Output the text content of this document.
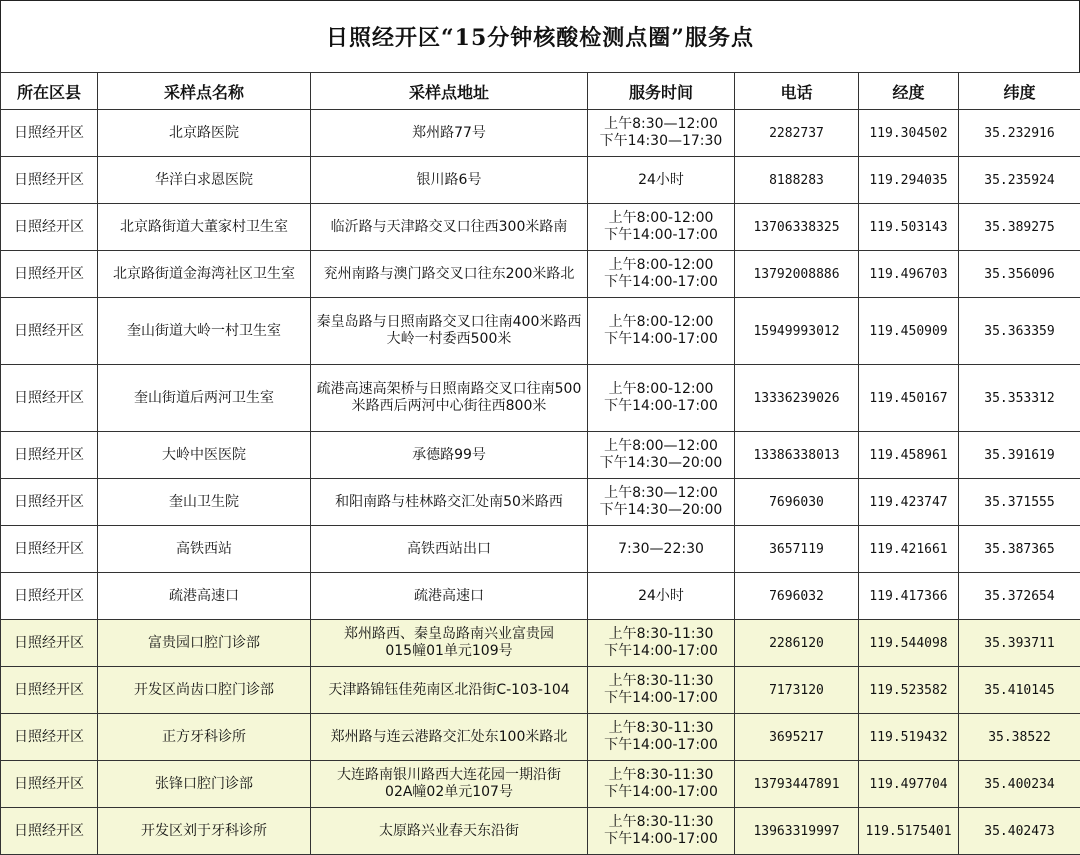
日照经开区“15分钟核酸检测点圈”服务点
所在区县	采样点名称	采样点地址	服务时间	电话	经度	纬度
日照经开区	北京路医院	郑州路77号	上午8:30—12:00
下午14:30—17:30	2282737	119.304502	35.232916
日照经开区	华洋白求恩医院	银川路6号	24小时	8188283	119.294035	35.235924
日照经开区	北京路街道大董家村卫生室	临沂路与天津路交叉口往西300米路南	上午8:00-12:00
下午14:00-17:00	13706338325	119.503143	35.389275
日照经开区	北京路街道金海湾社区卫生室	兖州南路与澳门路交叉口往东200米路北	上午8:00-12:00
下午14:00-17:00	13792008886	119.496703	35.356096
日照经开区	奎山街道大岭一村卫生室	秦皇岛路与日照南路交叉口往南400米路西
大岭一村委西500米	上午8:00-12:00
下午14:00-17:00	15949993012	119.450909	35.363359
日照经开区	奎山街道后两河卫生室	疏港高速高架桥与日照南路交叉口往南500
米路西后两河中心街往西800米	上午8:00-12:00
下午14:00-17:00	13336239026	119.450167	35.353312
日照经开区	大岭中医医院	承德路99号	上午8:00—12:00
下午14:30—20:00	13386338013	119.458961	35.391619
日照经开区	奎山卫生院	和阳南路与桂林路交汇处南50米路西	上午8:30—12:00
下午14:30—20:00	7696030	119.423747	35.371555
日照经开区	高铁西站	高铁西站出口	7:30—22:30	3657119	119.421661	35.387365
日照经开区	疏港高速口	疏港高速口	24小时	7696032	119.417366	35.372654
日照经开区	富贵园口腔门诊部	郑州路西、秦皇岛路南兴业富贵园
015幢01单元109号	上午8:30-11:30
下午14:00-17:00	2286120	119.544098	35.393711
日照经开区	开发区尚齿口腔门诊部	天津路锦钰佳苑南区北沿街C-103-104	上午8:30-11:30
下午14:00-17:00	7173120	119.523582	35.410145
日照经开区	正方牙科诊所	郑州路与连云港路交汇处东100米路北	上午8:30-11:30
下午14:00-17:00	3695217	119.519432	35.38522
日照经开区	张锋口腔门诊部	大连路南银川路西大连花园一期沿街
02A幢02单元107号	上午8:30-11:30
下午14:00-17:00	13793447891	119.497704	35.400234
日照经开区	开发区刘于牙科诊所	太原路兴业春天东沿街	上午8:30-11:30
下午14:00-17:00	13963319997	119.5175401	35.402473
